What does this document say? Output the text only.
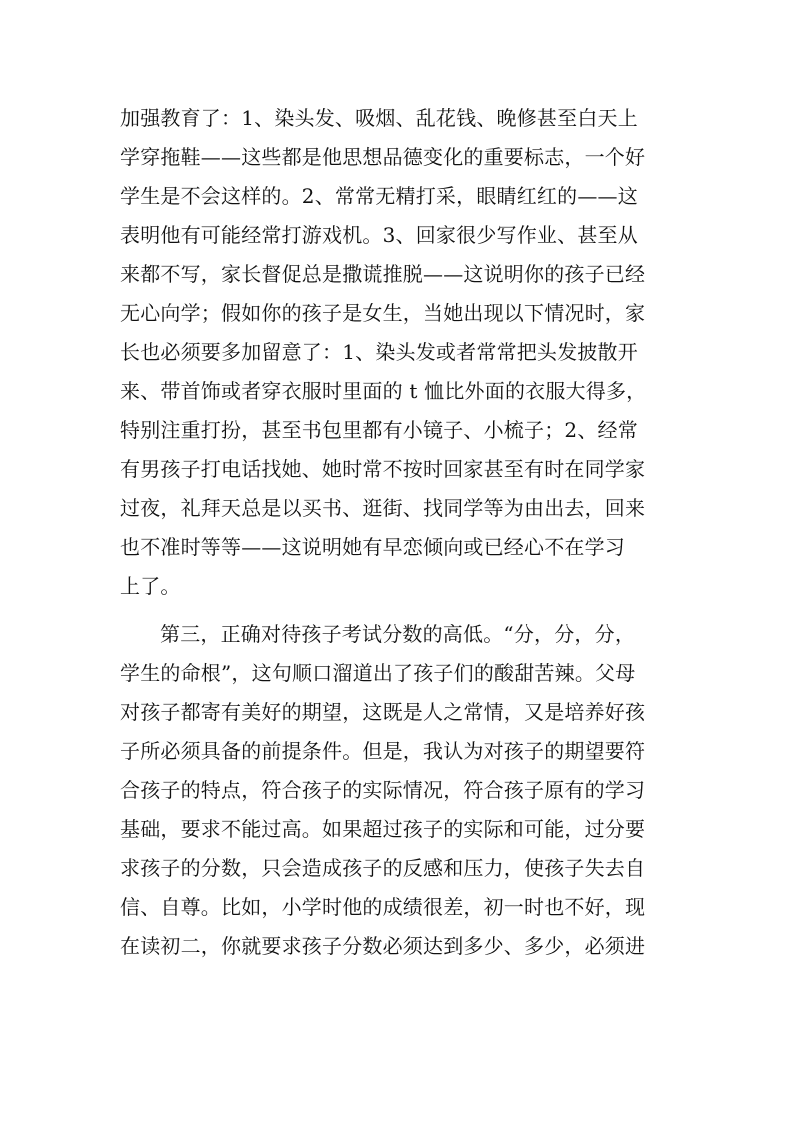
加强教育了：1、染头发、吸烟、乱花钱、晚修甚至白天上
学穿拖鞋——这些都是他思想品德变化的重要标志，一个好
学生是不会这样的。2、常常无精打采，眼睛红红的——这
表明他有可能经常打游戏机。3、回家很少写作业、甚至从
来都不写，家长督促总是撒谎推脱——这说明你的孩子已经
无心向学；假如你的孩子是女生，当她出现以下情况时，家
长也必须要多加留意了：1、染头发或者常常把头发披散开
来、带首饰或者穿衣服时里面的 t 恤比外面的衣服大得多，
特别注重打扮，甚至书包里都有小镜子、小梳子；2、经常
有男孩子打电话找她、她时常不按时回家甚至有时在同学家
过夜，礼拜天总是以买书、逛街、找同学等为由出去，回来
也不准时等等——这说明她有早恋倾向或已经心不在学习
上了。
第三，正确对待孩子考试分数的高低。“分，分，分，
学生的命根”，这句顺口溜道出了孩子们的酸甜苦辣。父母
对孩子都寄有美好的期望，这既是人之常情，又是培养好孩
子所必须具备的前提条件。但是，我认为对孩子的期望要符
合孩子的特点，符合孩子的实际情况，符合孩子原有的学习
基础，要求不能过高。如果超过孩子的实际和可能，过分要
求孩子的分数，只会造成孩子的反感和压力，使孩子失去自
信、自尊。比如，小学时他的成绩很差，初一时也不好，现
在读初二，你就要求孩子分数必须达到多少、多少，必须进
